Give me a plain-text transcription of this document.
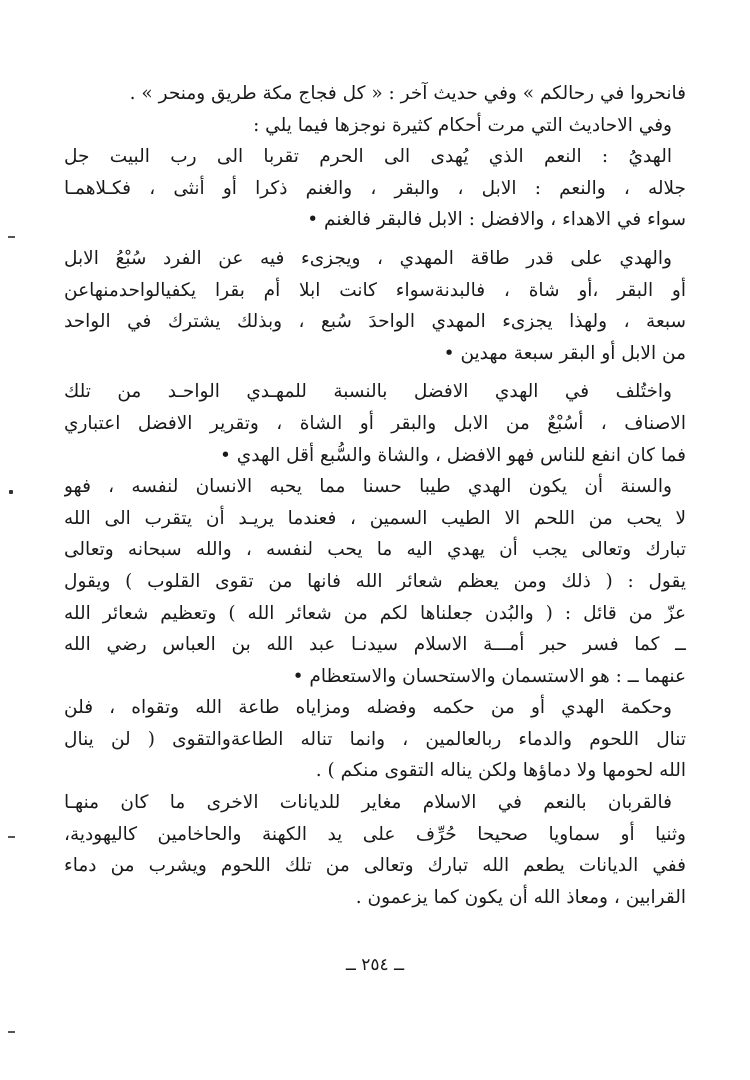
فانحروا في رحالكم » وفي حديث آخر : « كل فجاج مكة طريق ومنحر » .
وفي الاحاديث التي مرت أحكام كثيرة نوجزها فيما يلي :
الهديُ : النعم الذي يُهدى الى الحرم تقربا الى رب البيت جل
جلاله ، والنعم : الابل ، والبقر ، والغنم ذكرا أو أنثى ، فكـلاهمـا
سواء في الاهداء ، والافضل : الابل فالبقر فالغنم •
والهدي على قدر طاقة المهدي ، ويجزىء فيه عن الفرد سُبْعُ الابل
أو البقر ،أو شاة ، فالبدنةسواء كانت ابلا أم بقرا يكفيالواحدمنهاعن
سبعة ، ولهذا يجزىء المهدي الواحدَ سُبع ، وبذلك يشترك في الواحد
من الابل أو البقر سبعة مهدين •
واختُلف في الهدي الافضل بالنسبة للمهـدي الواحـد من تلك
الاصناف ، أسُبْعٌ من الابل والبقر أو الشاة ، وتقرير الافضل اعتباري
فما كان انفع للناس فهو الافضل ، والشاة والسُّبع أقل الهدي •
والسنة أن يكون الهدي طيبا حسنا مما يحبه الانسان لنفسه ، فهو
لا يحب من اللحم الا الطيب السمين ، فعندما يريـد أن يتقرب الى الله
تبارك وتعالى يجب أن يهدي اليه ما يحب لنفسه ، والله سبحانه وتعالى
يقول : ( ذلك ومن يعظم شعائر الله فانها من تقوى القلوب ) ويقول
عزّ من قائل : ( والبُدن جعلناها لكم من شعائر الله ) وتعظيم شعائر الله
ــ كما فسر حبر أمـــة الاسلام سيدنـا عبد الله بن العباس رضي الله
عنهما ــ : هو الاستسمان والاستحسان والاستعظام •
وحكمة الهدي أو من حكمه وفضله ومزاياه طاعة الله وتقواه ، فلن
تنال اللحوم والدماء ربالعالمين ، وانما تناله الطاعةوالتقوى ( لن ينال
الله لحومها ولا دماؤها ولكن يناله التقوى منكم ) .
فالقربان بالنعم في الاسلام مغاير للديانات الاخرى ما كان منهـا
وثنيا أو سماويا صحيحا حُرِّف على يد الكهنة والحاخامين كاليهودية،
ففي الديانات يطعم الله تبارك وتعالى من تلك اللحوم ويشرب من دماء
القرابين ، ومعاذ الله أن يكون كما يزعمون .
ــ ٢٥٤ ــ
